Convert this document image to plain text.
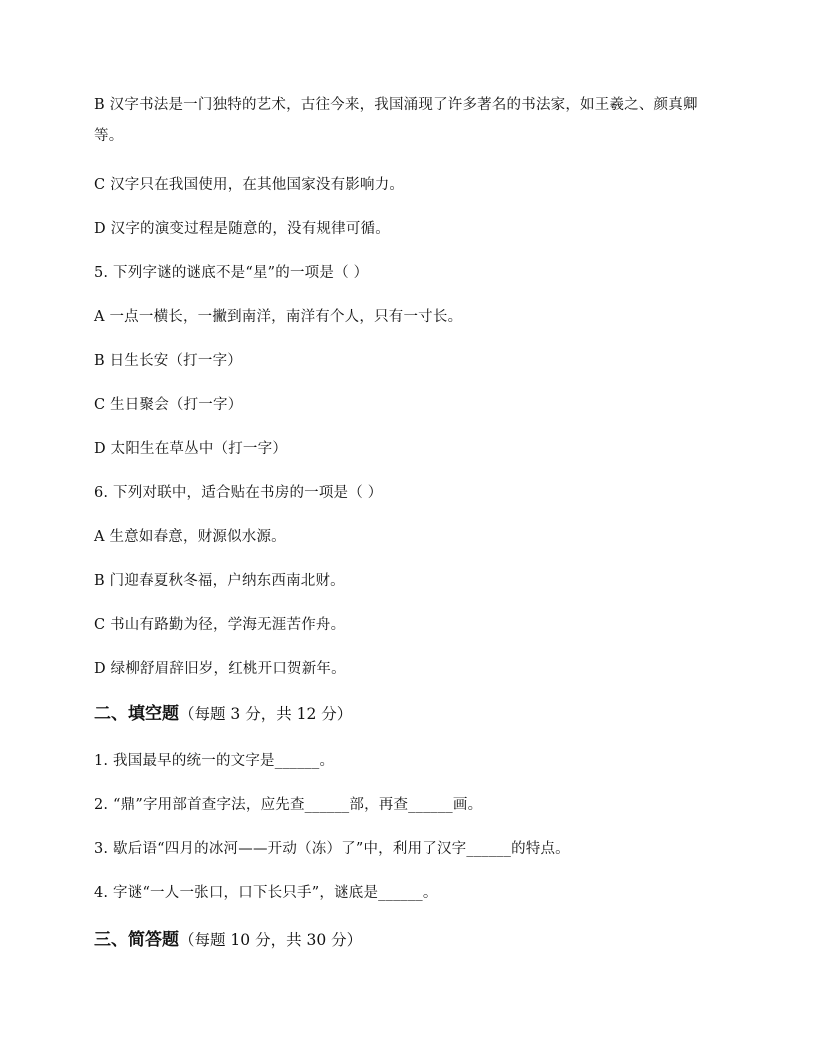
B 汉字书法是一门独特的艺术，古往今来，我国涌现了许多著名的书法家，如王羲之、颜真卿等。
C 汉字只在我国使用，在其他国家没有影响力。
D 汉字的演变过程是随意的，没有规律可循。
5. 下列字谜的谜底不是“星”的一项是（ ）
A 一点一横长，一撇到南洋，南洋有个人，只有一寸长。
B 日生长安（打一字）
C 生日聚会（打一字）
D 太阳生在草丛中（打一字）
6. 下列对联中，适合贴在书房的一项是（ ）
A 生意如春意，财源似水源。
B 门迎春夏秋冬福，户纳东西南北财。
C 书山有路勤为径，学海无涯苦作舟。
D 绿柳舒眉辞旧岁，红桃开口贺新年。
二、填空题（每题 3 分，共 12 分）
1. 我国最早的统一的文字是______。
2. “鼎”字用部首查字法，应先查______部，再查______画。
3. 歇后语“四月的冰河——开动（冻）了”中，利用了汉字______的特点。
4. 字谜“一人一张口，口下长只手”，谜底是______。
三、简答题（每题 10 分，共 30 分）
